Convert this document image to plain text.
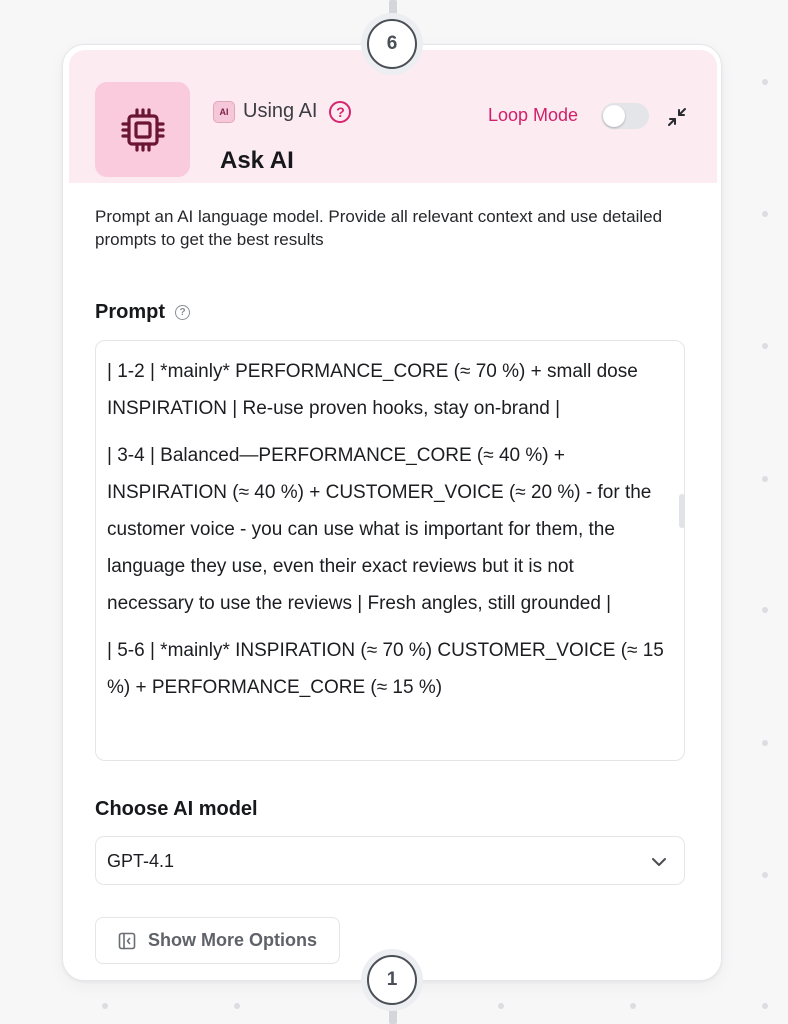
AI Using AI	?
Ask AI
Loop Mode
Prompt an AI language model. Provide all relevant context and use detailed prompts to get the best results
Prompt	?

| 1-2 | *mainly* PERFORMANCE_CORE (≈ 70 %) + small dose INSPIRATION | Re-use proven hooks, stay on-brand |

| 3-4 | Balanced—PERFORMANCE_CORE (≈ 40 %) + INSPIRATION (≈ 40 %) + CUSTOMER_VOICE (≈ 20 %) - for the customer voice - you can use what is important for them, the language they use, even their exact reviews but it is not necessary to use the reviews | Fresh angles, still grounded |

| 5-6 | *mainly* INSPIRATION (≈ 70 %) CUSTOMER_VOICE (≈ 15 %) + PERFORMANCE_CORE (≈ 15 %)

Choose AI model
GPT-4.1
Show More Options
6
1
